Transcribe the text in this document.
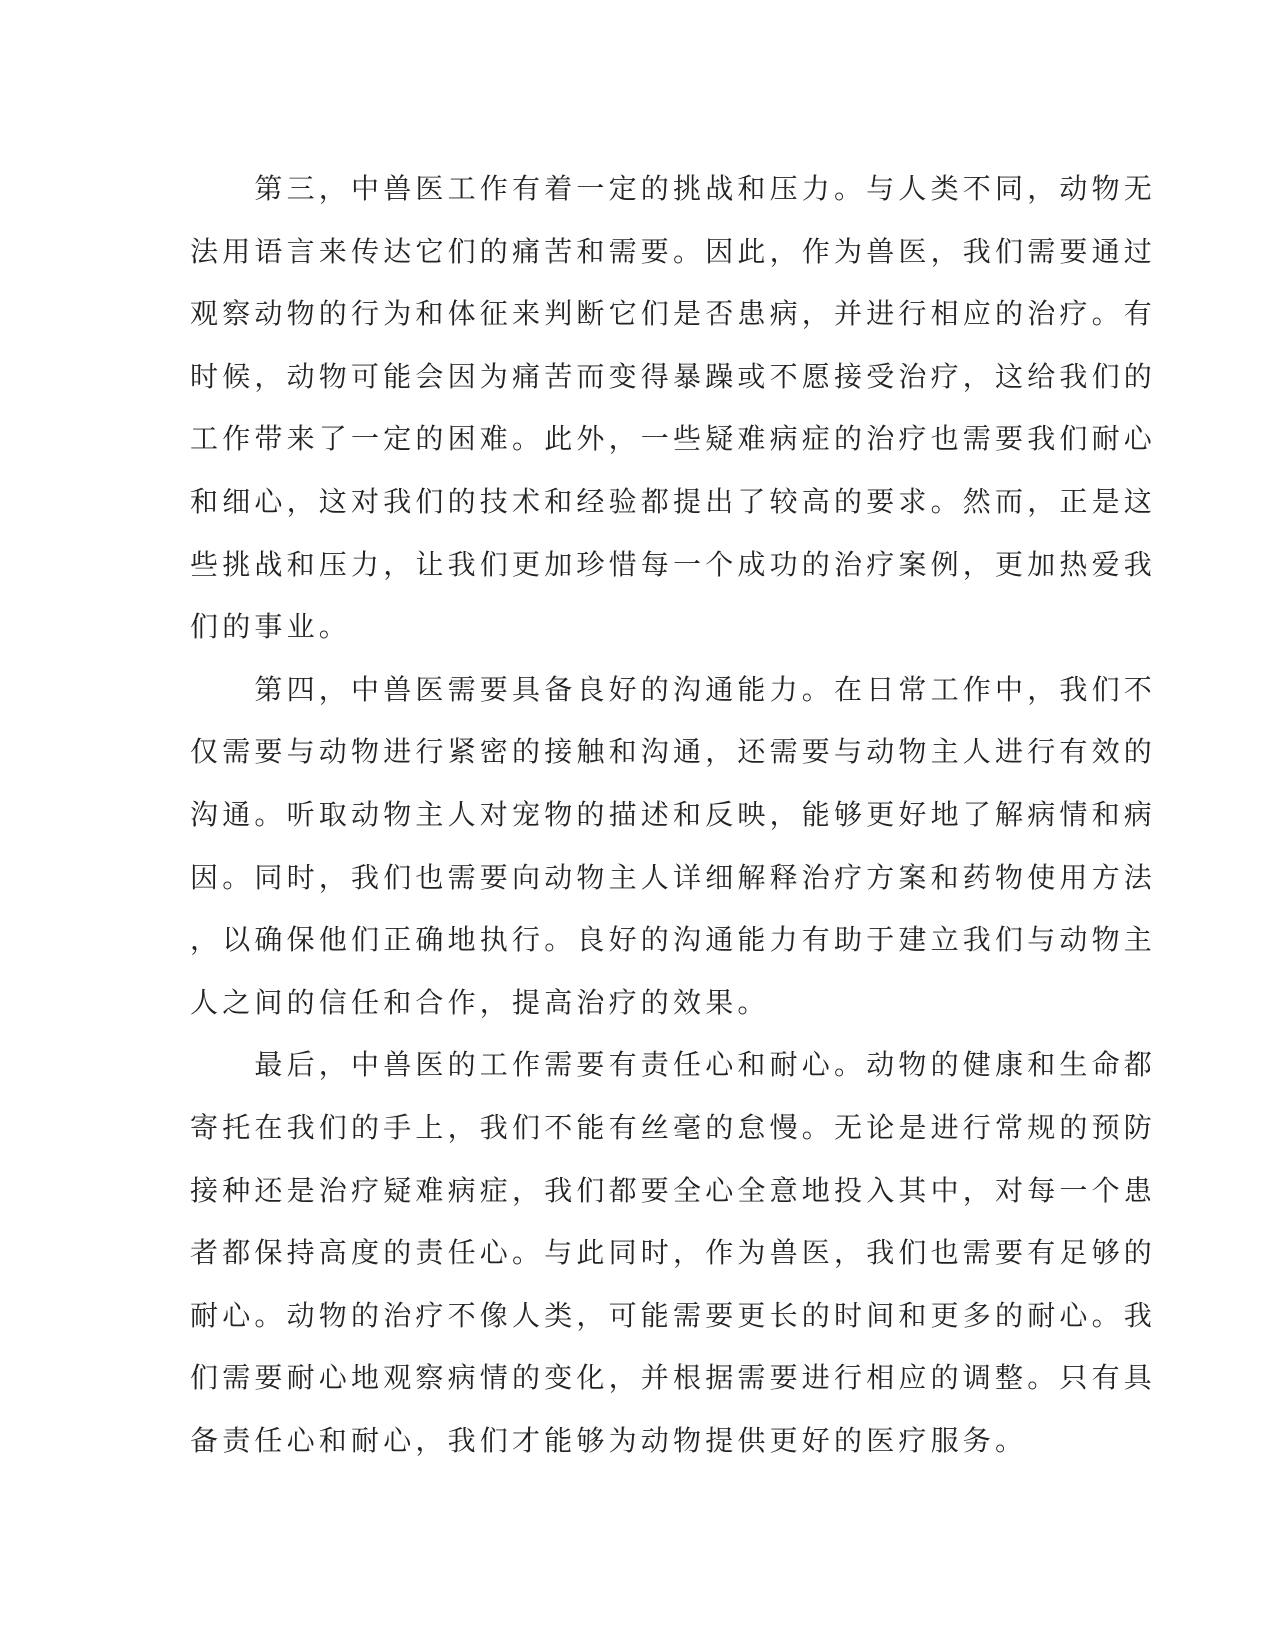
　　第三，中兽医工作有着一定的挑战和压力。与人类不同，动物无
法用语言来传达它们的痛苦和需要。因此，作为兽医，我们需要通过
观察动物的行为和体征来判断它们是否患病，并进行相应的治疗。有
时候，动物可能会因为痛苦而变得暴躁或不愿接受治疗，这给我们的
工作带来了一定的困难。此外，一些疑难病症的治疗也需要我们耐心
和细心，这对我们的技术和经验都提出了较高的要求。然而，正是这
些挑战和压力，让我们更加珍惜每一个成功的治疗案例，更加热爱我
们的事业。
　　第四，中兽医需要具备良好的沟通能力。在日常工作中，我们不
仅需要与动物进行紧密的接触和沟通，还需要与动物主人进行有效的
沟通。听取动物主人对宠物的描述和反映，能够更好地了解病情和病
因。同时，我们也需要向动物主人详细解释治疗方案和药物使用方法
，以确保他们正确地执行。良好的沟通能力有助于建立我们与动物主
人之间的信任和合作，提高治疗的效果。
　　最后，中兽医的工作需要有责任心和耐心。动物的健康和生命都
寄托在我们的手上，我们不能有丝毫的怠慢。无论是进行常规的预防
接种还是治疗疑难病症，我们都要全心全意地投入其中，对每一个患
者都保持高度的责任心。与此同时，作为兽医，我们也需要有足够的
耐心。动物的治疗不像人类，可能需要更长的时间和更多的耐心。我
们需要耐心地观察病情的变化，并根据需要进行相应的调整。只有具
备责任心和耐心，我们才能够为动物提供更好的医疗服务。
